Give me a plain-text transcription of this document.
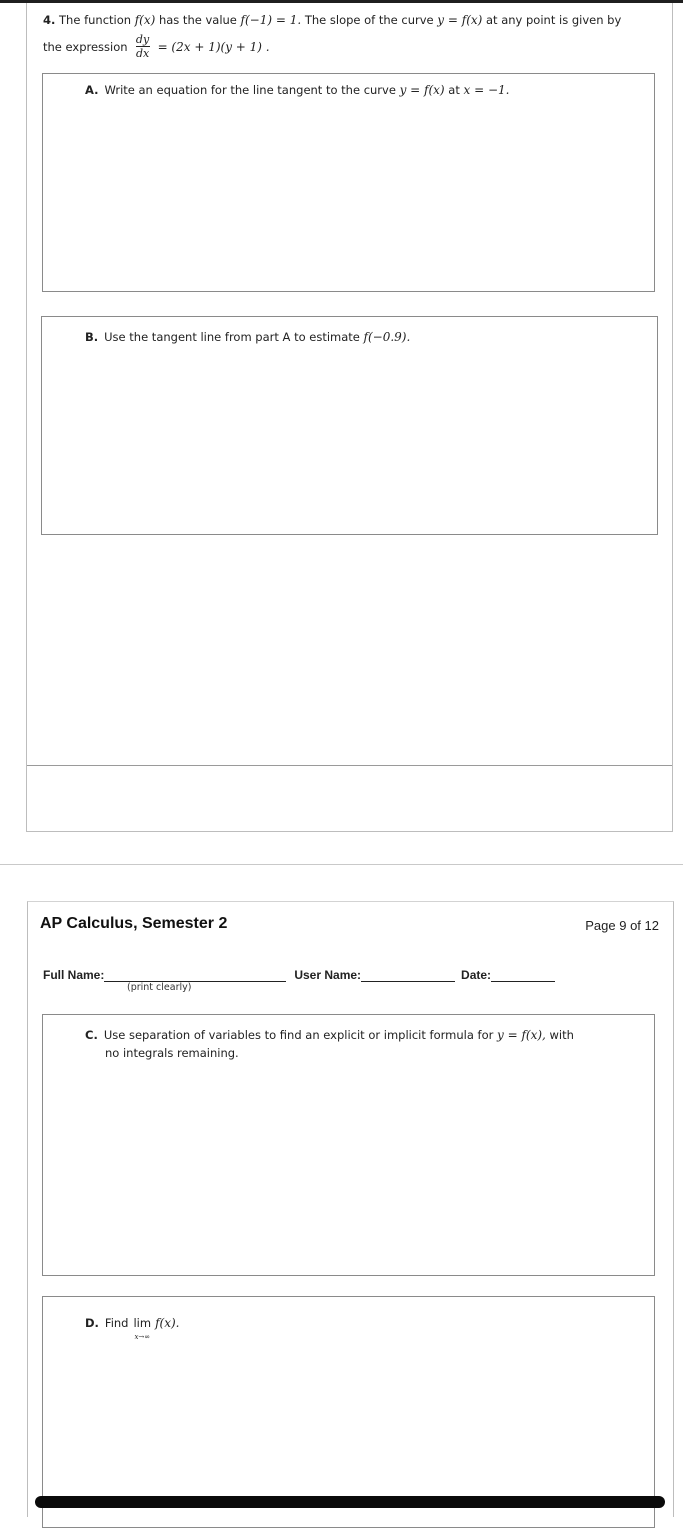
4. The function f(x) has the value f(−1) = 1. The slope of the curve y = f(x) at any point is given by
the expression $\frac{dy}{dx} = (2x + 1)(y + 1)$ .
A. Write an equation for the line tangent to the curve y = f(x) at x = −1.
B. Use the tangent line from part A to estimate f(−0.9).
AP Calculus, Semester 2	Page 9 of 12
Full Name:	User Name:	Date:
(print clearly)
C. Use separation of variables to find an explicit or implicit formula for y = f(x), with
no integrals remaining.
D. Find lim
x→∞
f(x).
